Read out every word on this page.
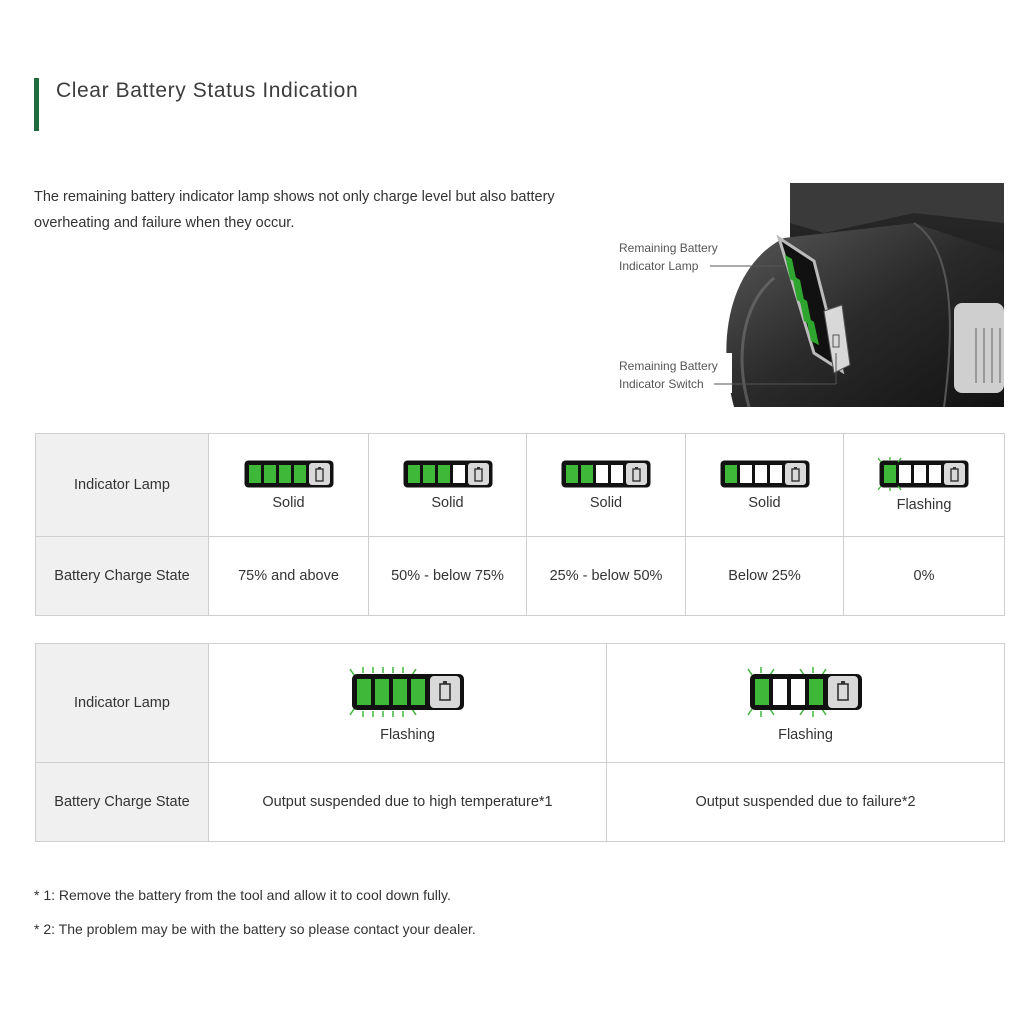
Clear Battery Status Indication

The remaining battery indicator lamp shows not only charge level but also battery overheating and failure when they occur.

Remaining Battery
Indicator Lamp
Remaining Battery
Indicator Switch
Indicator Lamp	Solid	Solid	Solid	Solid	Flashing

Battery Charge State	75% and above	50% - below 75%	25% - below 50%	Below 25%	0%
Indicator Lamp	Flashing	Flashing

Battery Charge State	Output suspended due to high temperature*1	Output suspended due to failure*2

* 1: Remove the battery from the tool and allow it to cool down fully.

* 2: The problem may be with the battery so please contact your dealer.
